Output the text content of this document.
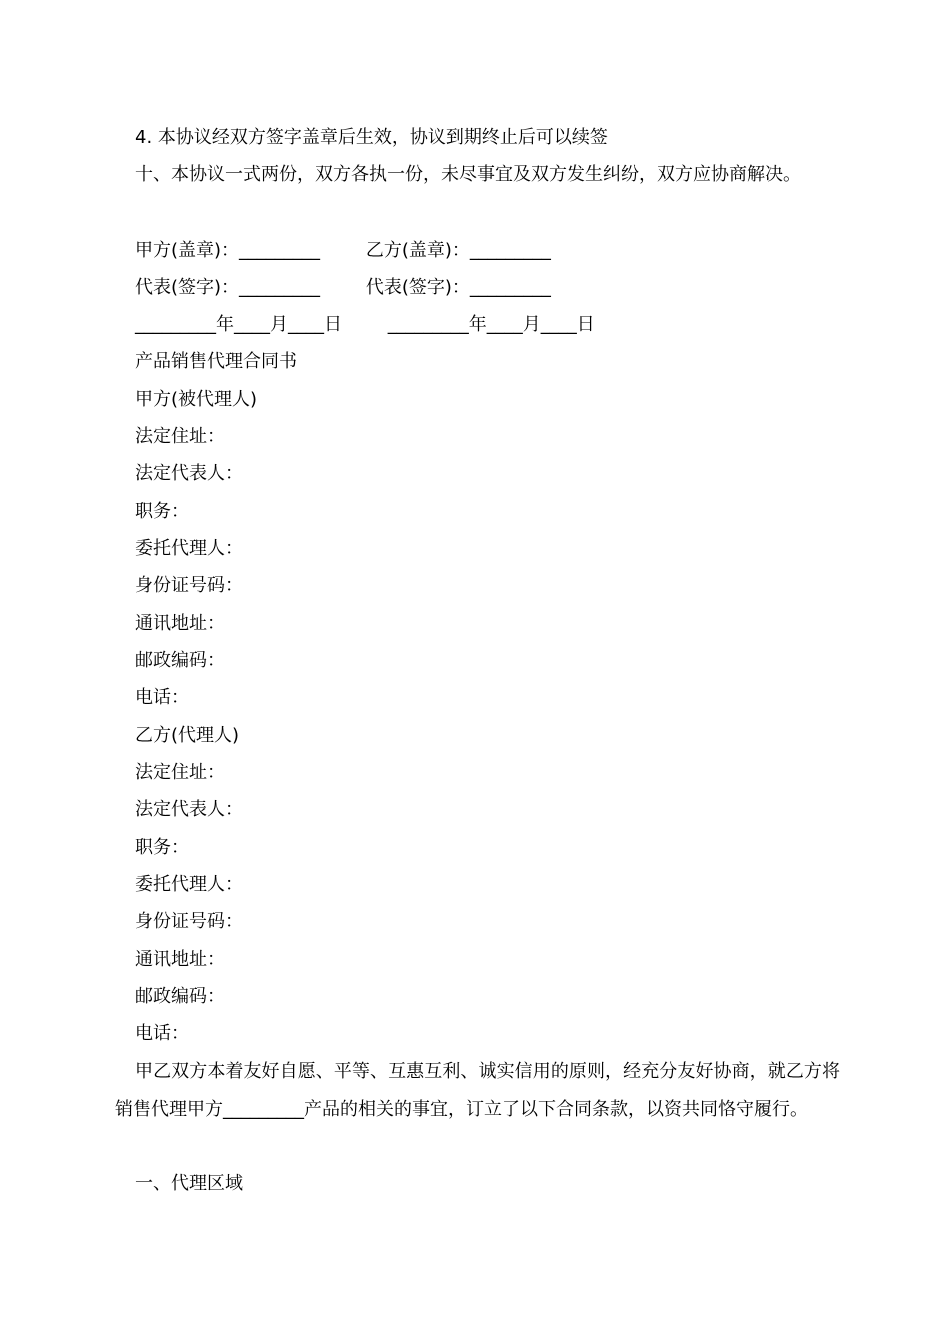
4. 本协议经双方签字盖章后生效，协议到期终止后可以续签

十、本协议一式两份，双方各执一份，未尽事宜及双方发生纠纷，双方应协商解决。

甲方(盖章)：_________        乙方(盖章)：_________

代表(签字)：_________        代表(签字)：_________

_________年____月____日        _________年____月____日

产品销售代理合同书

甲方(被代理人)

法定住址：

法定代表人：

职务：

委托代理人：

身份证号码：

通讯地址：

邮政编码：

电话：

乙方(代理人)

法定住址：

法定代表人：

职务：

委托代理人：

身份证号码：

通讯地址：

邮政编码：

电话：

甲乙双方本着友好自愿、平等、互惠互利、诚实信用的原则，经充分友好协商，就乙方将销售代理甲方_________产品的相关的事宜，订立了以下合同条款，以资共同恪守履行。

一、代理区域
